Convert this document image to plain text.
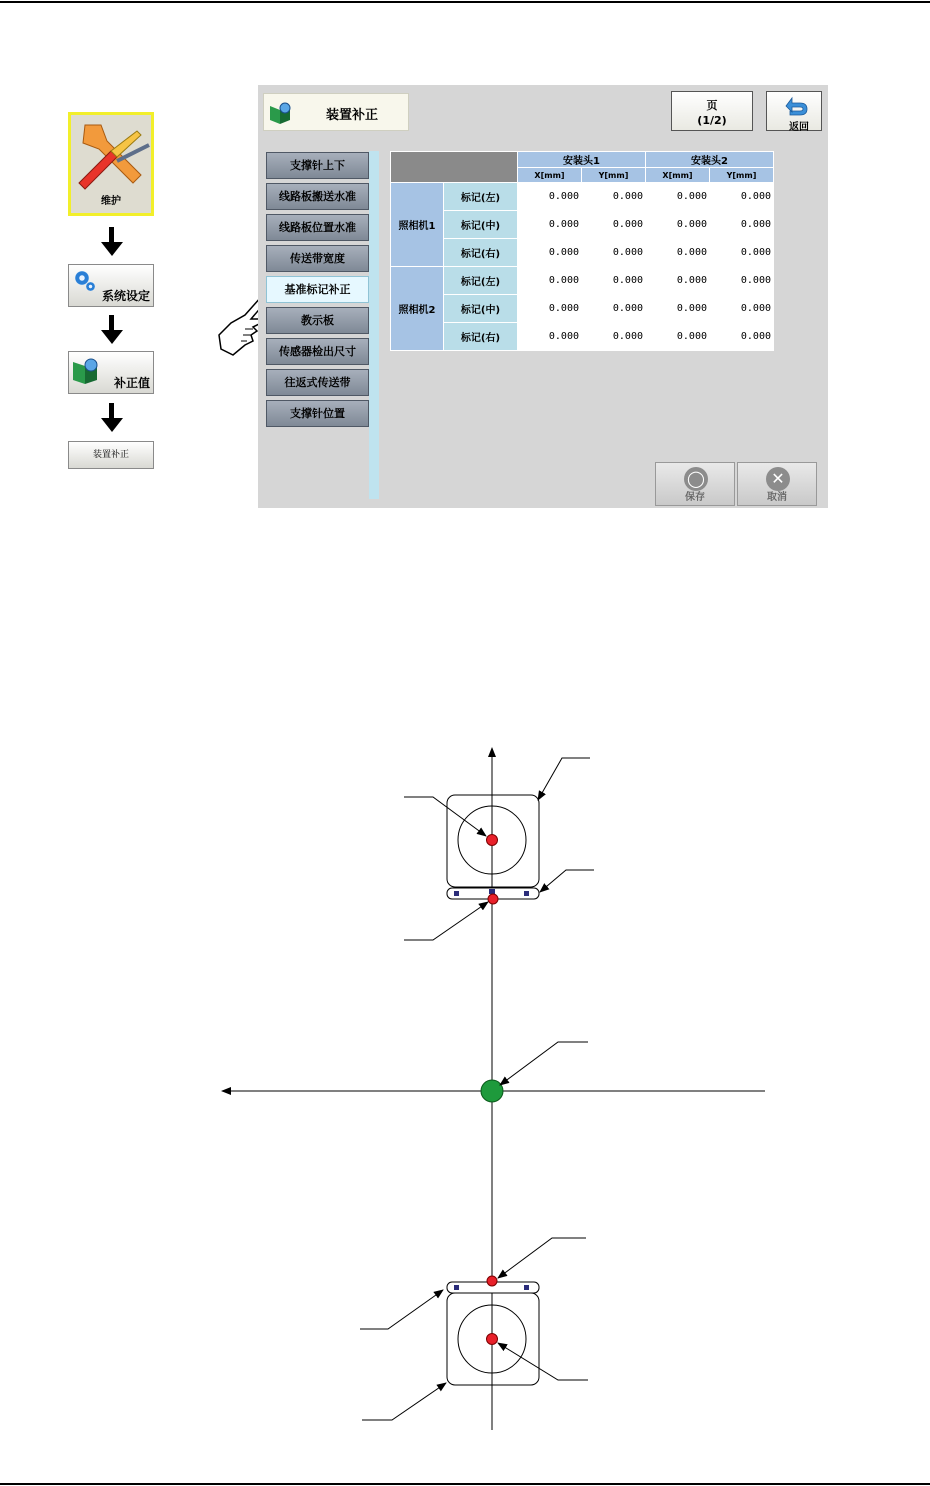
维护
系统设定
补正值
装置补正
装置补正
页
(1/2)
返回
支撑针上下
线路板搬送水准
线路板位置水准
传送带宽度
基准标记补正
教示板
传感器检出尺寸
往返式传送带
支撑针位置
		安装头1		安装头2	
		X[mm]	Y[mm]	X[mm]	Y[mm]
照相机1	标记(左)	0.000	0.000	0.000	0.000
	标记(中)	0.000	0.000	0.000	0.000
	标记(右)	0.000	0.000	0.000	0.000
照相机2	标记(左)	0.000	0.000	0.000	0.000
	标记(中)	0.000	0.000	0.000	0.000
	标记(右)	0.000	0.000	0.000	0.000
◯
保存
✕
取消
